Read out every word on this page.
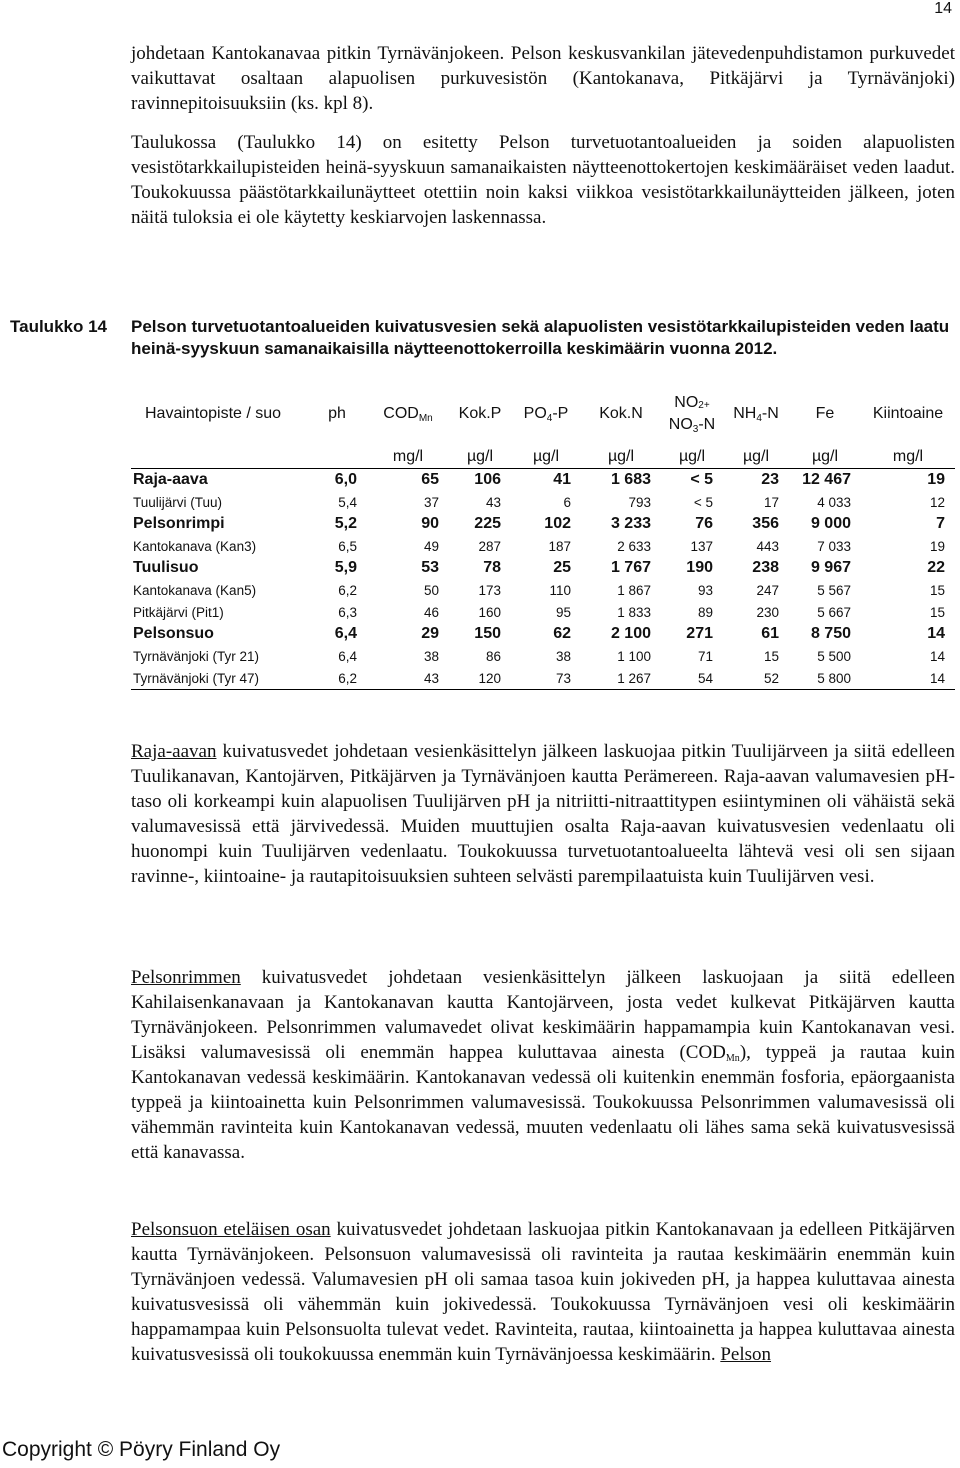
14

johdetaan Kantokanavaa pitkin Tyrnävänjokeen. Pelson keskusvankilan jätevedenpuhdistamon purkuvedet vaikuttavat osaltaan alapuolisen purkuvesistön (Kantokanava, Pitkäjärvi ja Tyrnävänjoki) ravinnepitoisuuksiin (ks. kpl 8).

Taulukossa (Taulukko 14) on esitetty Pelson turvetuotantoalueiden ja soiden alapuolisten vesistötarkkailupisteiden heinä-syyskuun samanaikaisten näytteenottokertojen keskimääräiset veden laadut. Toukokuussa päästötarkkailunäytteet otettiin noin kaksi viikkoa vesistötarkkailunäytteiden jälkeen, joten näitä tuloksia ei ole käytetty keskiarvojen laskennassa.

Taulukko 14 Pelson turvetuotantoalueiden kuivatusvesien sekä alapuolisten vesistötarkkailupisteiden veden laatu heinä-syyskuun samanaikaisilla näytteenottokerroilla keskimäärin vuonna 2012.
Havaintopiste / suo	ph	$COD_{Mn}$	Kok.P	$PO_4-P$	Kok.N	$NO_{2+}$
$NO_3-N$	$NH_4-N$	Fe	Kiintoaine
		mg/l	µg/l	µg/l	µg/l	µg/l	µg/l	µg/l	mg/l
Raja-aava	6,0	65	106	41	1 683	< 5	23	12 467	19
Tuulijärvi (Tuu)	5,4	37	43	6	793	< 5	17	4 033	12
Pelsonrimpi	5,2	90	225	102	3 233	76	356	9 000	7
Kantokanava (Kan3)	6,5	49	287	187	2 633	137	443	7 033	19
Tuulisuo	5,9	53	78	25	1 767	190	238	9 967	22
Kantokanava (Kan5)	6,2	50	173	110	1 867	93	247	5 567	15
Pitkäjärvi (Pit1)	6,3	46	160	95	1 833	89	230	5 667	15
Pelsonsuo	6,4	29	150	62	2 100	271	61	8 750	14
Tyrnävänjoki (Tyr 21)	6,4	38	86	38	1 100	71	15	5 500	14
Tyrnävänjoki (Tyr 47)	6,2	43	120	73	1 267	54	52	5 800	14

Raja-aavan kuivatusvedet johdetaan vesienkäsittelyn jälkeen laskuojaa pitkin Tuulijärveen ja siitä edelleen Tuulikanavan, Kantojärven, Pitkäjärven ja Tyrnävänjoen kautta Perämereen. Raja-aavan valumavesien pH-taso oli korkeampi kuin alapuolisen Tuulijärven pH ja nitriitti-nitraattitypen esiintyminen oli vähäistä sekä valumavesissä että järvivedessä. Muiden muuttujien osalta Raja-aavan kuivatusvesien vedenlaatu oli huonompi kuin Tuulijärven vedenlaatu. Toukokuussa turvetuotantoalueelta lähtevä vesi oli sen sijaan ravinne-, kiintoaine- ja rautapitoisuuksien suhteen selvästi parempilaatuista kuin Tuulijärven vesi.

Pelsonrimmen kuivatusvedet johdetaan vesienkäsittelyn jälkeen laskuojaan ja siitä edelleen Kahilaisenkanavaan ja Kantokanavan kautta Kantojärveen, josta vedet kulkevat Pitkäjärven kautta Tyrnävänjokeen. Pelsonrimmen valumavedet olivat keskimäärin happamampia kuin Kantokanavan vesi. Lisäksi valumavesissä oli enemmän happea kuluttavaa ainesta $(COD_{Mn})$, typpeä ja rautaa kuin Kantokanavan vedessä keskimäärin. Kantokanavan vedessä oli kuitenkin enemmän fosforia, epäorgaanista typpeä ja kiintoainetta kuin Pelsonrimmen valumavesissä. Toukokuussa Pelsonrimmen valumavesissä oli vähemmän ravinteita kuin Kantokanavan vedessä, muuten vedenlaatu oli lähes sama sekä kuivatusvesissä että kanavassa.

Pelsonsuon eteläisen osan kuivatusvedet johdetaan laskuojaa pitkin Kantokanavaan ja edelleen Pitkäjärven kautta Tyrnävänjokeen. Pelsonsuon valumavesissä oli ravinteita ja rautaa keskimäärin enemmän kuin Tyrnävänjoen vedessä. Valumavesien pH oli samaa tasoa kuin jokiveden pH, ja happea kuluttavaa ainesta kuivatusvesissä oli vähemmän kuin jokivedessä. Toukokuussa Tyrnävänjoen vesi oli keskimäärin happamampaa kuin Pelsonsuolta tulevat vedet. Ravinteita, rautaa, kiintoainetta ja happea kuluttavaa ainesta kuivatusvesissä oli toukokuussa enemmän kuin Tyrnävänjoessa keskimäärin. Pelson

Copyright © Pöyry Finland Oy
